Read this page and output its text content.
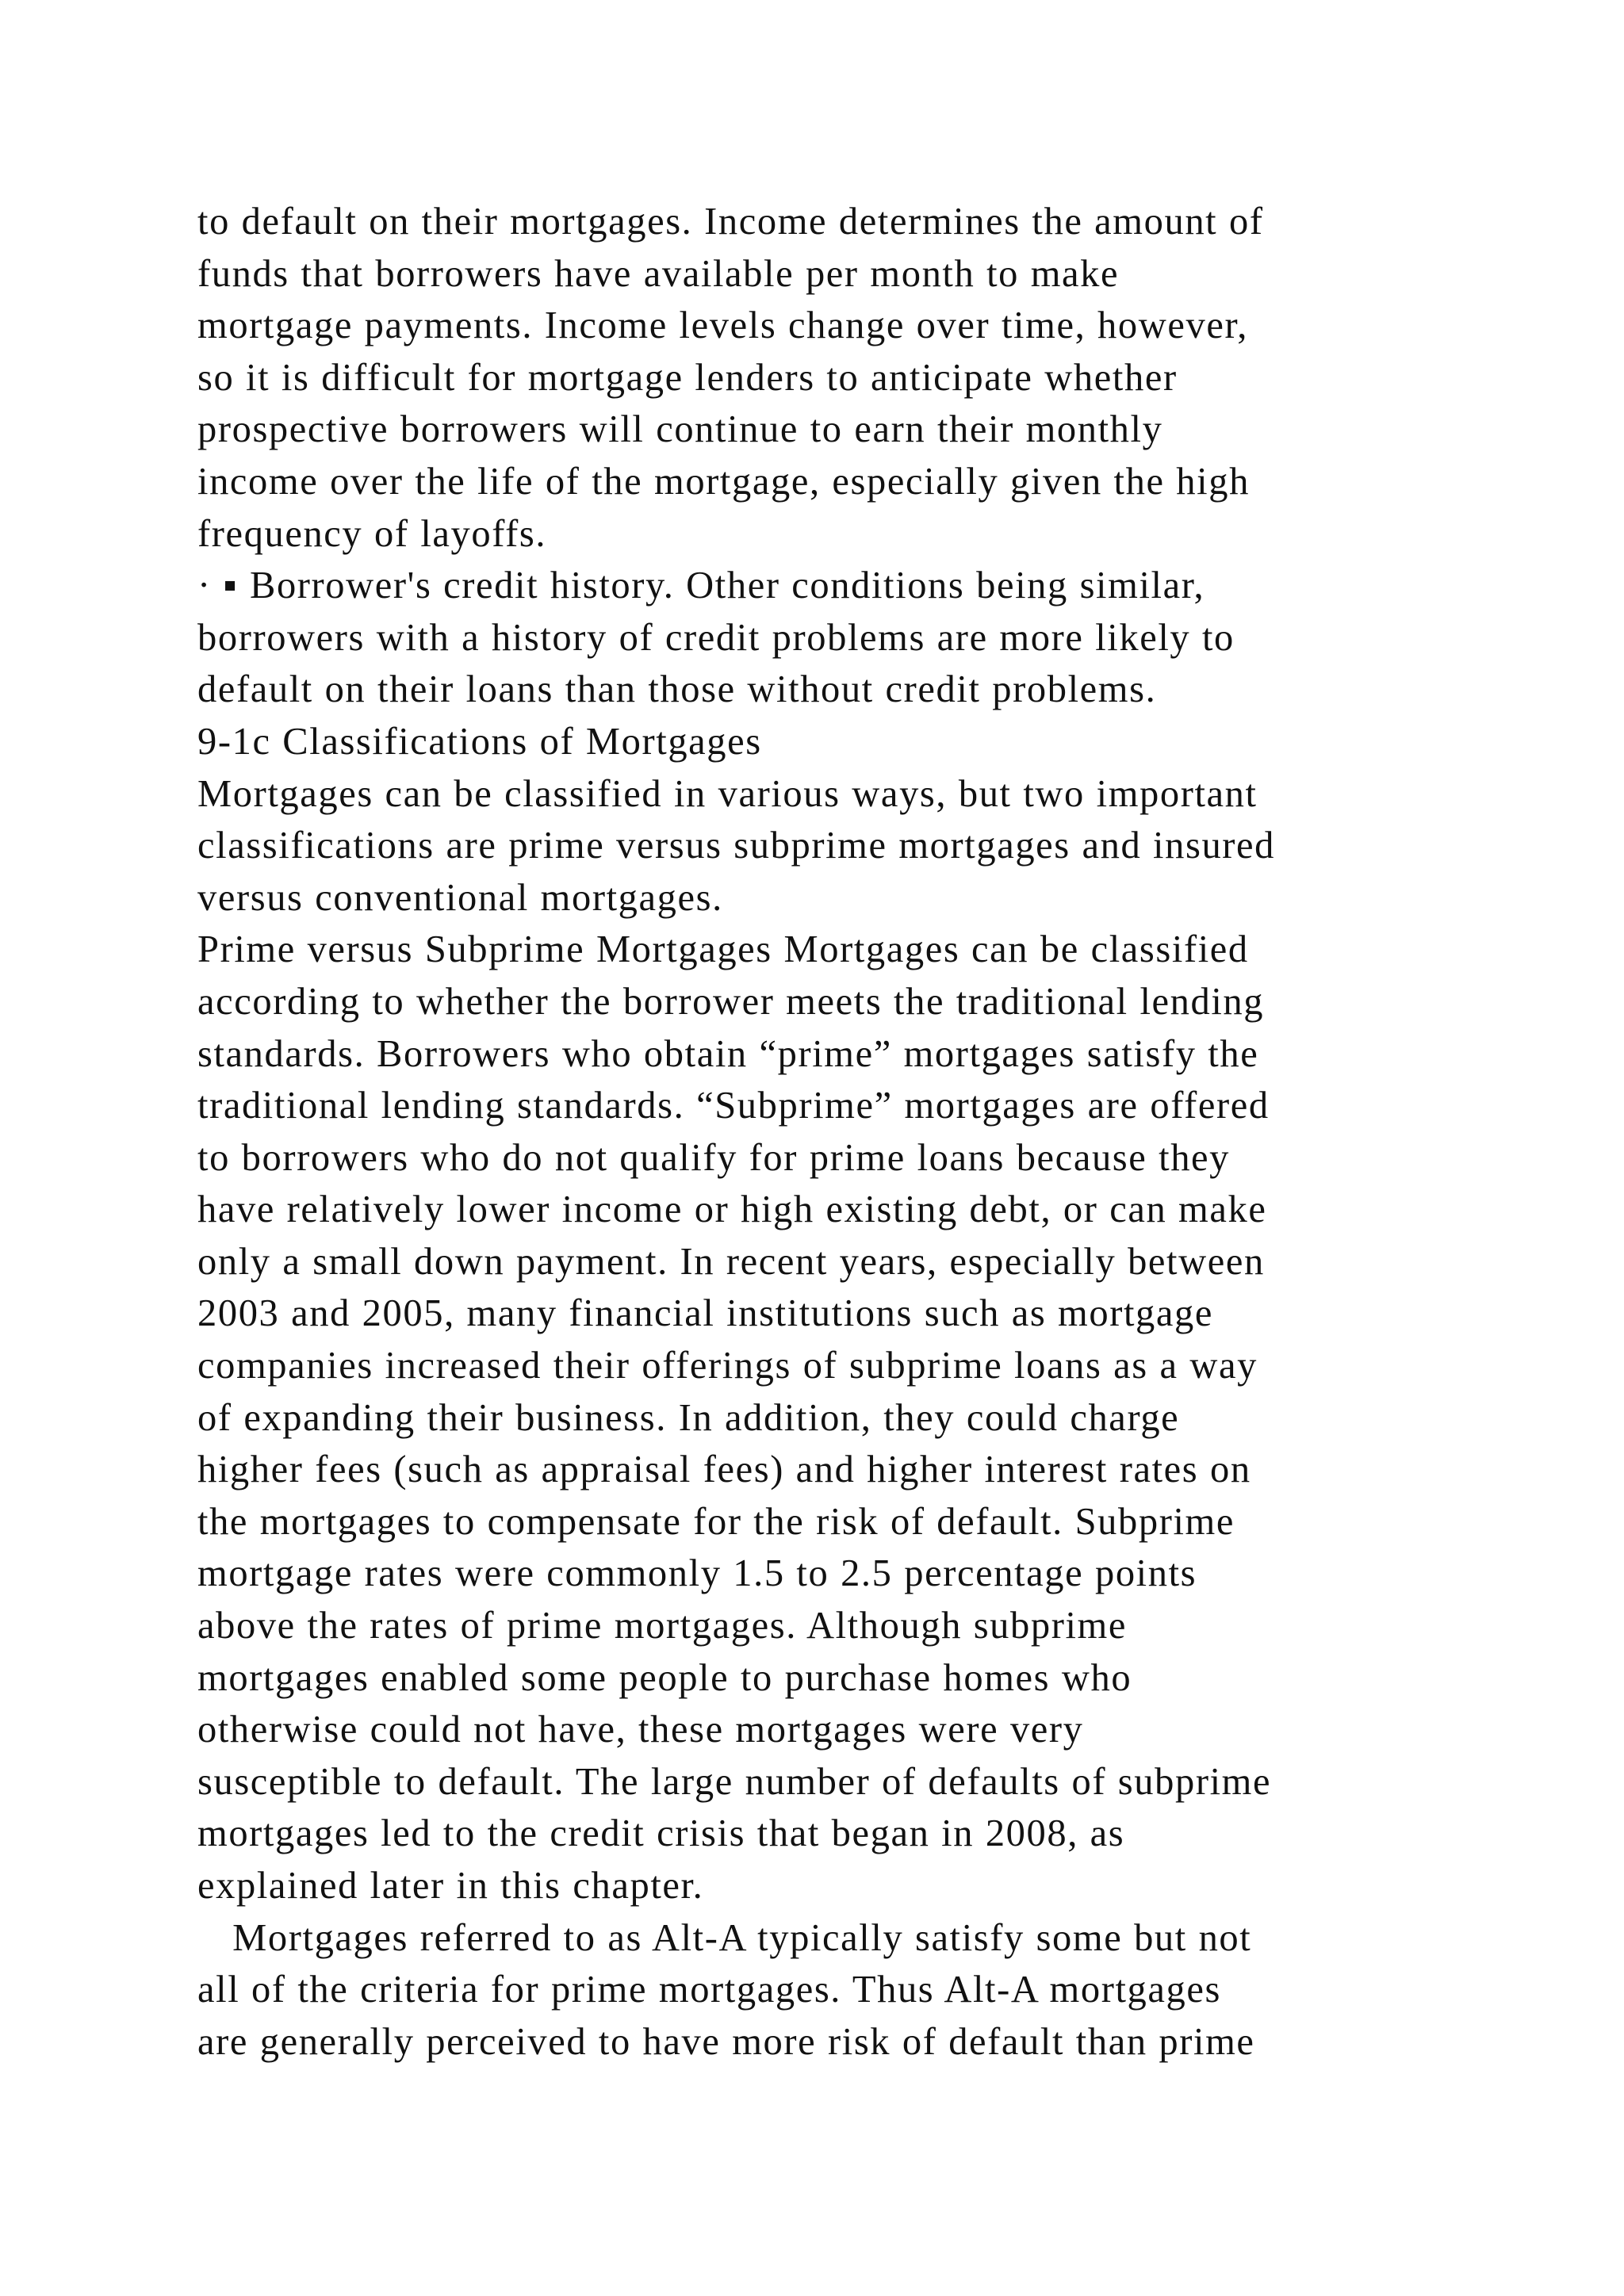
to default on their mortgages. Income determines the amount of
funds that borrowers have available per month to make
mortgage payments. Income levels change over time, however,
so it is difficult for mortgage lenders to anticipate whether
prospective borrowers will continue to earn their monthly
income over the life of the mortgage, especially given the high
frequency of layoffs.
· ▪ Borrower's credit history. Other conditions being similar,
borrowers with a history of credit problems are more likely to
default on their loans than those without credit problems.
9-1c Classifications of Mortgages
Mortgages can be classified in various ways, but two important
classifications are prime versus subprime mortgages and insured
versus conventional mortgages.
Prime versus Subprime Mortgages Mortgages can be classified
according to whether the borrower meets the traditional lending
standards. Borrowers who obtain “prime” mortgages satisfy the
traditional lending standards. “Subprime” mortgages are offered
to borrowers who do not qualify for prime loans because they
have relatively lower income or high existing debt, or can make
only a small down payment. In recent years, especially between
2003 and 2005, many financial institutions such as mortgage
companies increased their offerings of subprime loans as a way
of expanding their business. In addition, they could charge
higher fees (such as appraisal fees) and higher interest rates on
the mortgages to compensate for the risk of default. Subprime
mortgage rates were commonly 1.5 to 2.5 percentage points
above the rates of prime mortgages. Although subprime
mortgages enabled some people to purchase homes who
otherwise could not have, these mortgages were very
susceptible to default. The large number of defaults of subprime
mortgages led to the credit crisis that began in 2008, as
explained later in this chapter.
Mortgages referred to as Alt-A typically satisfy some but not
all of the criteria for prime mortgages. Thus Alt-A mortgages
are generally perceived to have more risk of default than prime
